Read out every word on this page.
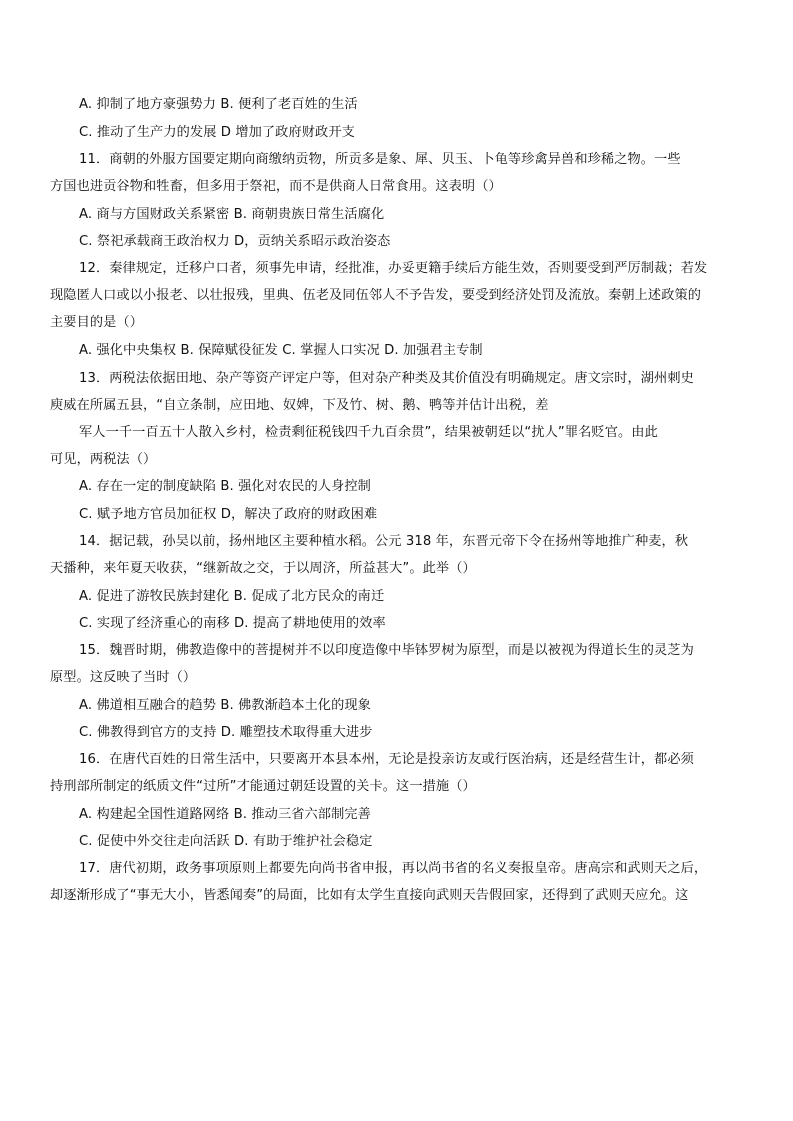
A. 抑制了地方豪强势力 B. 便利了老百姓的生活
C. 推动了生产力的发展 D 增加了政府财政开支
11．商朝的外服方国要定期向商缴纳贡物，所贡多是象、犀、贝玉、卜龟等珍禽异兽和珍稀之物。一些
方国也进贡谷物和牲畜，但多用于祭祀，而不是供商人日常食用。这表明（）
A. 商与方国财政关系紧密 B. 商朝贵族日常生活腐化
C. 祭祀承载商王政治权力 D，贡纳关系昭示政治姿态
12．秦律规定，迁移户口者，须事先申请，经批准，办妥更籍手续后方能生效，否则要受到严厉制裁；若发
现隐匿人口或以小报老、以壮报残，里典、伍老及同伍邻人不予告发，要受到经济处罚及流放。秦朝上述政策的
主要目的是（）
A. 强化中央集权 B. 保障赋役征发 C. 掌握人口实况 D. 加强君主专制
13．两税法依据田地、杂产等资产评定户等，但对杂产种类及其价值没有明确规定。唐文宗时，湖州刺史
庾威在所属五县，“自立条制，应田地、奴婢，下及竹、树、鹅、鸭等并估计出税，差
军人一千一百五十人散入乡村，检责剩征税钱四千九百余贯”，结果被朝廷以“扰人”罪名贬官。由此
可见，两税法（）
A. 存在一定的制度缺陷 B. 强化对农民的人身控制
C. 赋予地方官员加征权 D，解决了政府的财政困难
14．据记载，孙吴以前，扬州地区主要种植水稻。公元 318 年，东晋元帝下令在扬州等地推广种麦，秋
天播种，来年夏天收获，“继新故之交，于以周济，所益甚大”。此举（）
A. 促进了游牧民族封建化 B. 促成了北方民众的南迁
C. 实现了经济重心的南移 D. 提高了耕地使用的效率
15．魏晋时期，佛教造像中的菩提树并不以印度造像中毕钵罗树为原型，而是以被视为得道长生的灵芝为
原型。这反映了当时（）
A. 佛道相互融合的趋势 B. 佛教渐趋本土化的现象
C. 佛教得到官方的支持 D. 雕塑技术取得重大进步
16．在唐代百姓的日常生活中，只要离开本县本州，无论是投亲访友或行医治病，还是经营生计，都必须
持刑部所制定的纸质文件“过所”才能通过朝廷设置的关卡。这一措施（）
A. 构建起全国性道路网络 B. 推动三省六部制完善
C. 促使中外交往走向活跃 D. 有助于维护社会稳定
17．唐代初期，政务事项原则上都要先向尚书省申报，再以尚书省的名义奏报皇帝。唐高宗和武则天之后，
却逐渐形成了“事无大小，皆悉闻奏”的局面，比如有太学生直接向武则天告假回家，还得到了武则天应允。这
